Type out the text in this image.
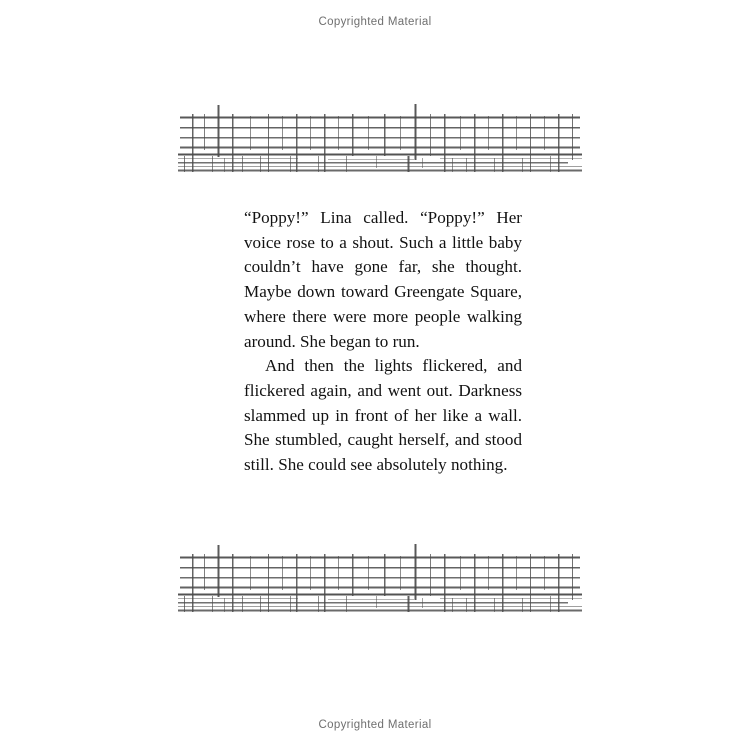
Copyrighted Material

“Poppy!” Lina called. “Poppy!” Her voice rose to a shout. Such a little baby couldn’t have gone far, she thought. Maybe down toward Greengate Square, where there were more people walking around. She began to run.

And then the lights flickered, and flickered again, and went out. Darkness slammed up in front of her like a wall. She stumbled, caught herself, and stood still. She could see absolutely nothing.

Copyrighted Material
